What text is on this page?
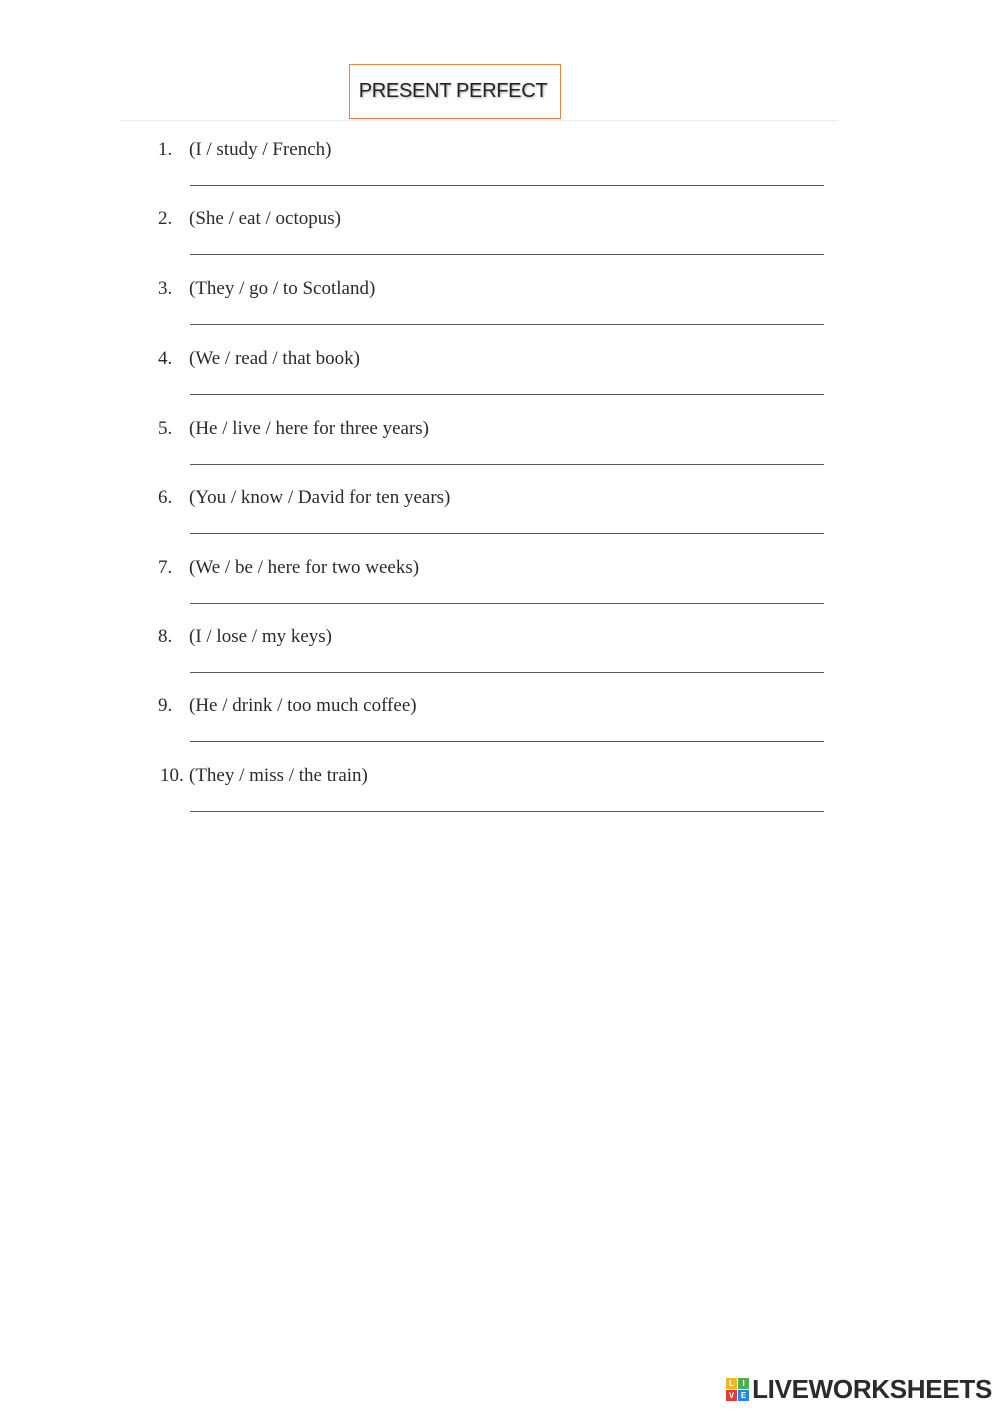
PRESENT PERFECT
1. (I / study / French)
2. (She / eat / octopus)
3. (They / go / to Scotland)
4. (We / read / that book)
5. (He / live / here for three years)
6. (You / know / David for ten years)
7. (We / be / here for two weeks)
8. (I / lose / my keys)
9. (He / drink / too much coffee)
10. (They / miss / the train)
L	I
V E LIVEWORKSHEETS
